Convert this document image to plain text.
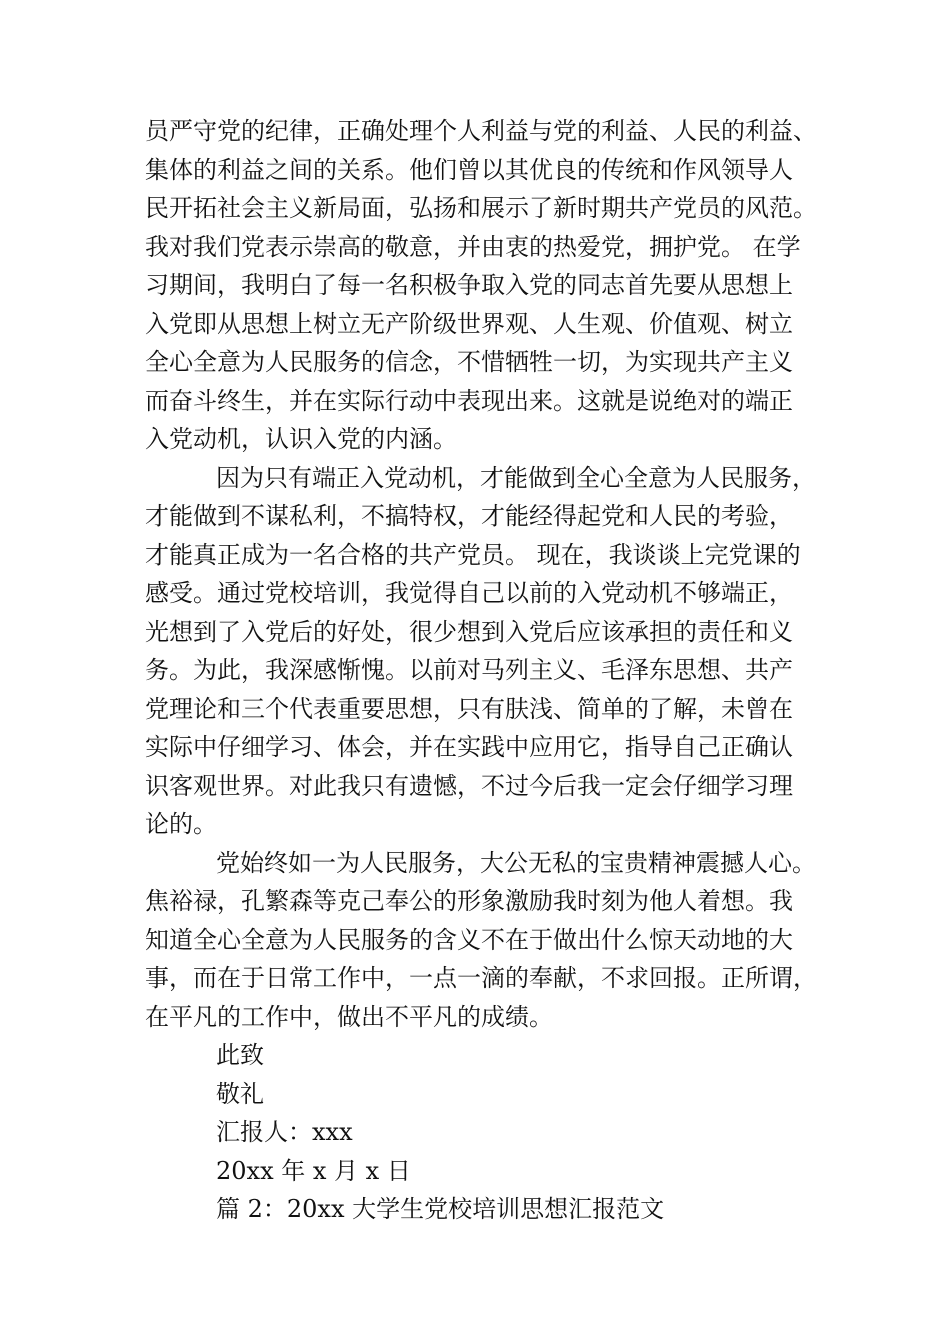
员严守党的纪律，正确处理个人利益与党的利益、人民的利益、
集体的利益之间的关系。他们曾以其优良的传统和作风领导人
民开拓社会主义新局面，弘扬和展示了新时期共产党员的风范。
我对我们党表示崇高的敬意，并由衷的热爱党，拥护党。 在学
习期间，我明白了每一名积极争取入党的同志首先要从思想上
入党即从思想上树立无产阶级世界观、人生观、价值观、树立
全心全意为人民服务的信念，不惜牺牲一切，为实现共产主义
而奋斗终生，并在实际行动中表现出来。这就是说绝对的端正
入党动机，认识入党的内涵。
因为只有端正入党动机，才能做到全心全意为人民服务，
才能做到不谋私利，不搞特权，才能经得起党和人民的考验，
才能真正成为一名合格的共产党员。 现在，我谈谈上完党课的
感受。通过党校培训，我觉得自己以前的入党动机不够端正，
光想到了入党后的好处，很少想到入党后应该承担的责任和义
务。为此，我深感惭愧。以前对马列主义、毛泽东思想、共产
党理论和三个代表重要思想，只有肤浅、简单的了解，未曾在
实际中仔细学习、体会，并在实践中应用它，指导自己正确认
识客观世界。对此我只有遗憾，不过今后我一定会仔细学习理
论的。
党始终如一为人民服务，大公无私的宝贵精神震撼人心。
焦裕禄，孔繁森等克己奉公的形象激励我时刻为他人着想。我
知道全心全意为人民服务的含义不在于做出什么惊天动地的大
事，而在于日常工作中，一点一滴的奉献，不求回报。正所谓，
在平凡的工作中，做出不平凡的成绩。
此致
敬礼
汇报人：xxx
20xx 年 x 月 x 日
篇 2：20xx 大学生党校培训思想汇报范文
